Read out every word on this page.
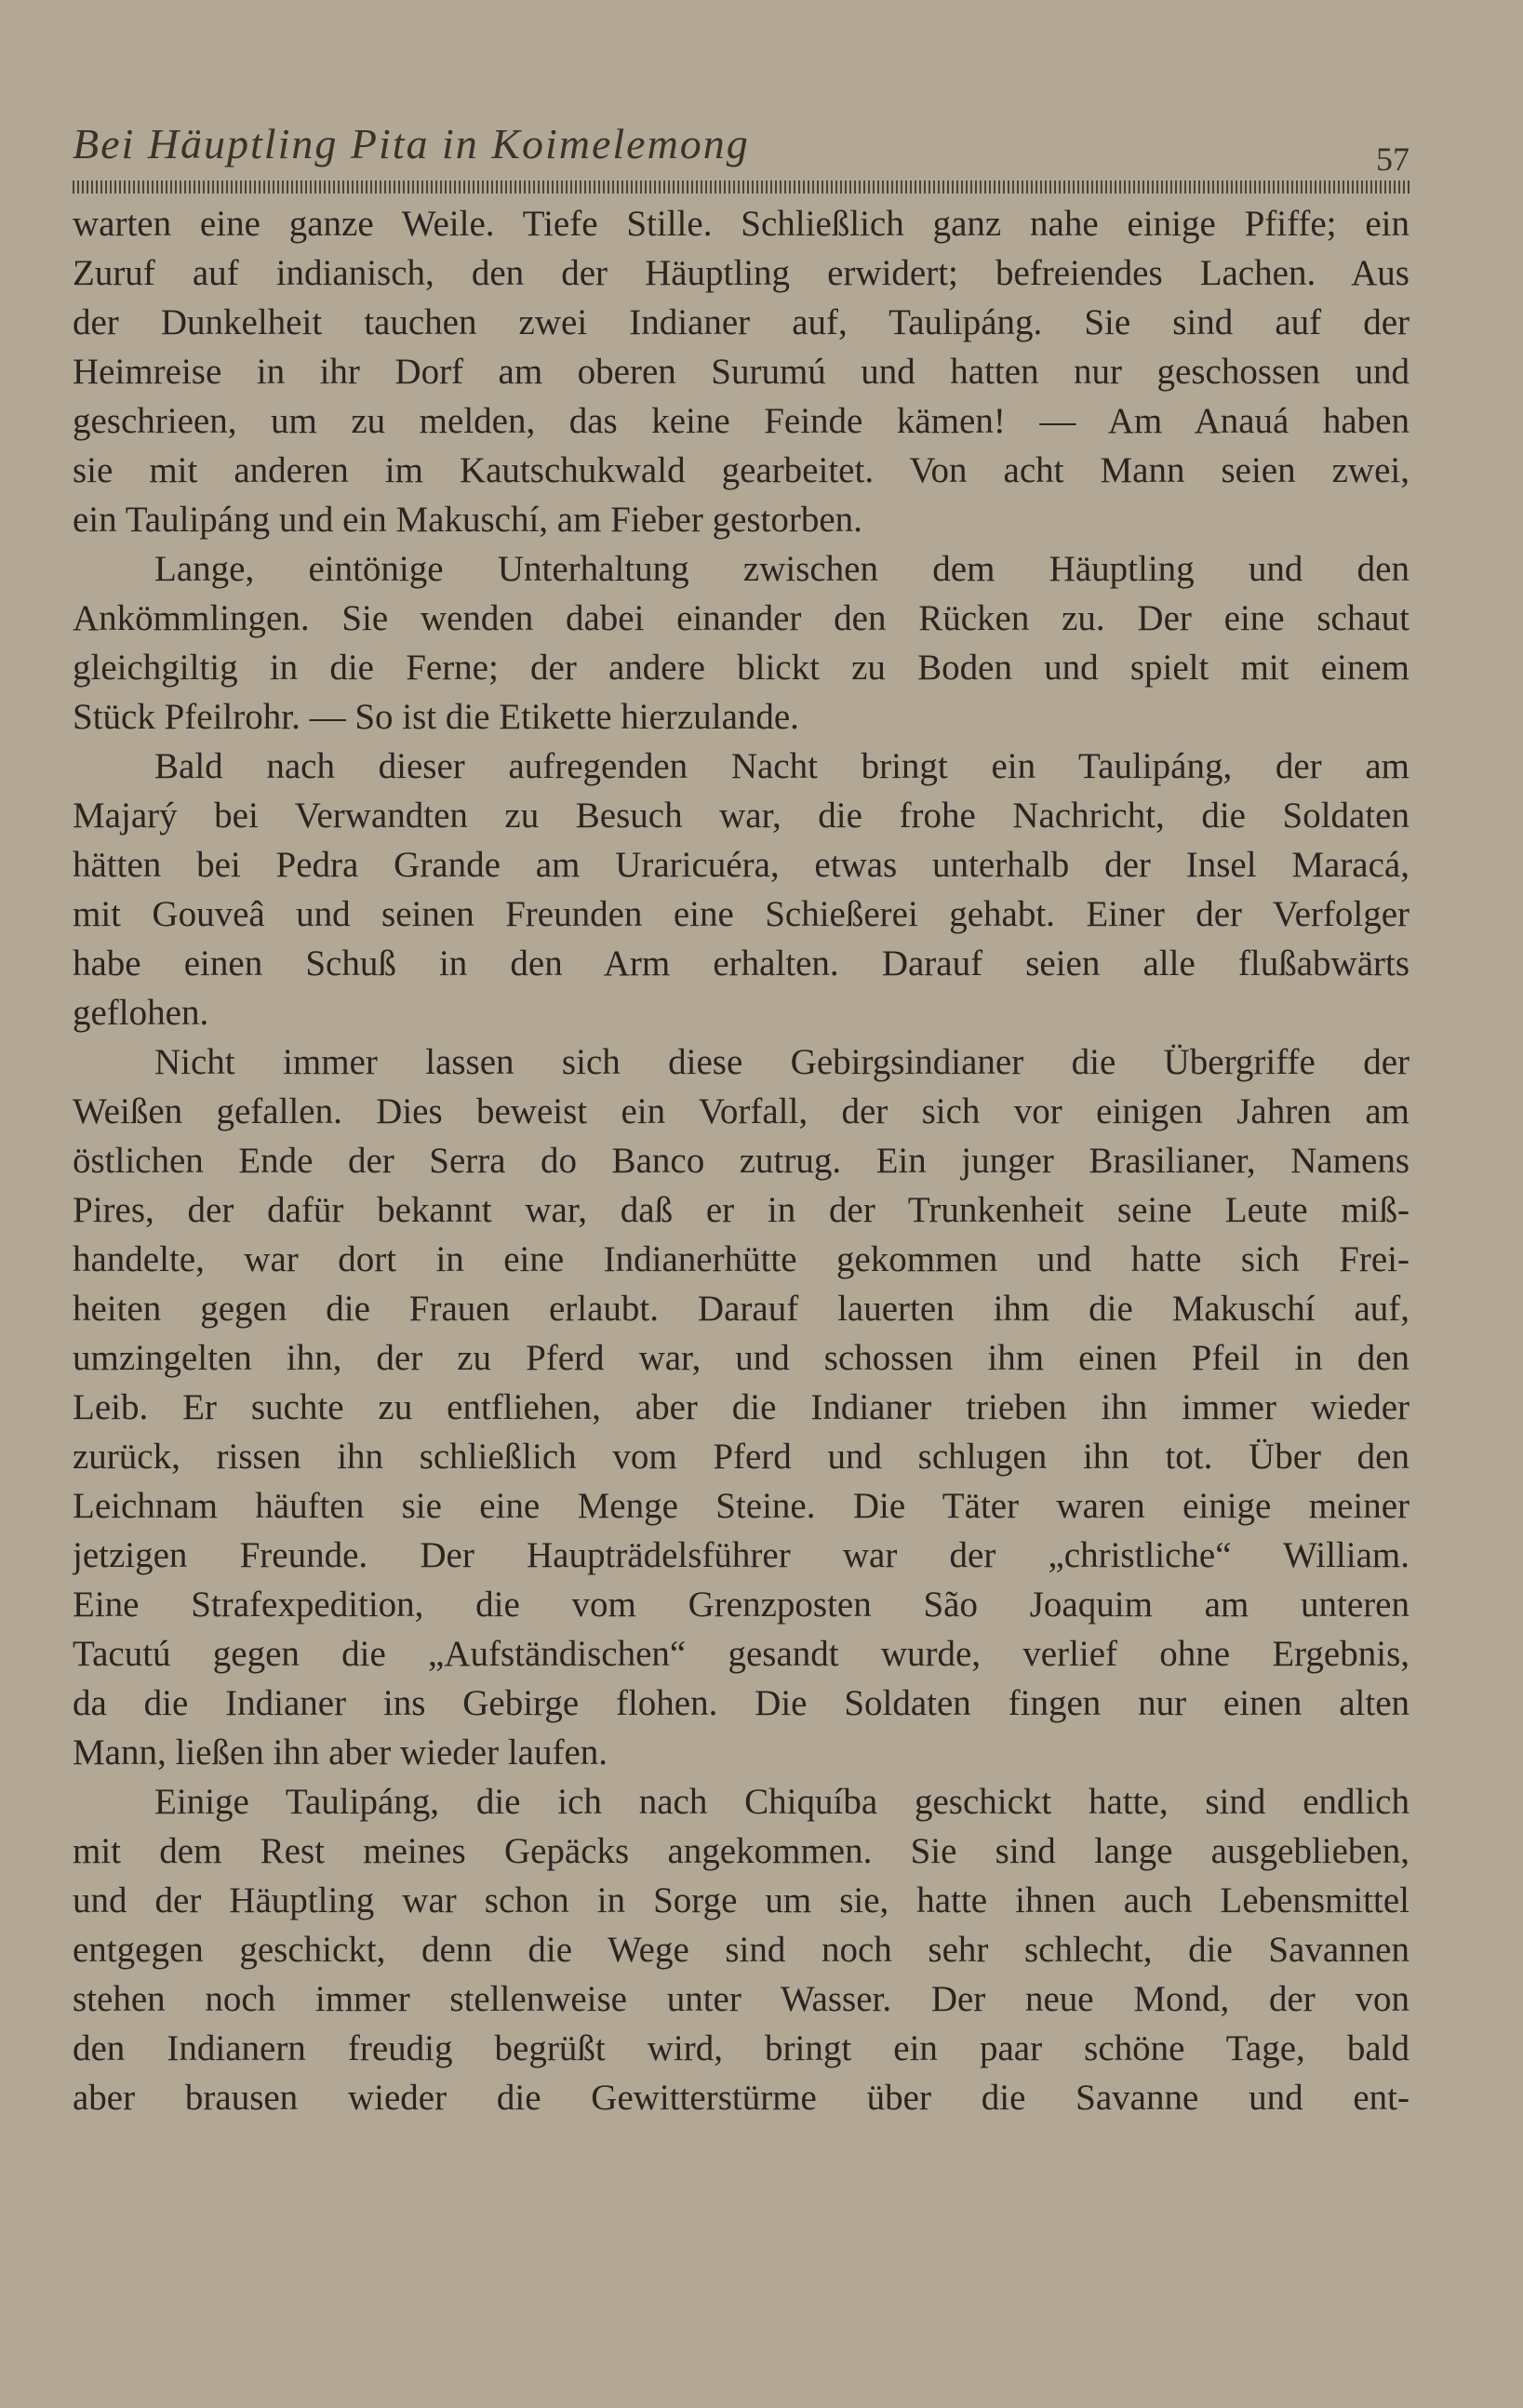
Bei Häuptling Pita in Koimelemong	57
warten eine ganze Weile. Tiefe Stille. Schließlich ganz nahe einige Pfiffe; ein
Zuruf auf indianisch, den der Häuptling erwidert; befreiendes Lachen. Aus
der Dunkelheit tauchen zwei Indianer auf, Taulipáng. Sie sind auf der
Heimreise in ihr Dorf am oberen Surumú und hatten nur geschossen und
geschrieen, um zu melden, das keine Feinde kämen! — Am Anauá haben
sie mit anderen im Kautschukwald gearbeitet. Von acht Mann seien zwei,
ein Taulipáng und ein Makuschí, am Fieber gestorben.
Lange, eintönige Unterhaltung zwischen dem Häuptling und den
Ankömmlingen. Sie wenden dabei einander den Rücken zu. Der eine schaut
gleichgiltig in die Ferne; der andere blickt zu Boden und spielt mit einem
Stück Pfeilrohr. — So ist die Etikette hierzulande.
Bald nach dieser aufregenden Nacht bringt ein Taulipáng, der am
Majarý bei Verwandten zu Besuch war, die frohe Nachricht, die Soldaten
hätten bei Pedra Grande am Uraricuéra, etwas unterhalb der Insel Maracá,
mit Gouveâ und seinen Freunden eine Schießerei gehabt. Einer der Verfolger
habe einen Schuß in den Arm erhalten. Darauf seien alle flußabwärts
geflohen.
Nicht immer lassen sich diese Gebirgsindianer die Übergriffe der
Weißen gefallen. Dies beweist ein Vorfall, der sich vor einigen Jahren am
östlichen Ende der Serra do Banco zutrug. Ein junger Brasilianer, Namens
Pires, der dafür bekannt war, daß er in der Trunkenheit seine Leute miß-
handelte, war dort in eine Indianerhütte gekommen und hatte sich Frei-
heiten gegen die Frauen erlaubt. Darauf lauerten ihm die Makuschí auf,
umzingelten ihn, der zu Pferd war, und schossen ihm einen Pfeil in den
Leib. Er suchte zu entfliehen, aber die Indianer trieben ihn immer wieder
zurück, rissen ihn schließlich vom Pferd und schlugen ihn tot. Über den
Leichnam häuften sie eine Menge Steine. Die Täter waren einige meiner
jetzigen Freunde. Der Haupträdelsführer war der „christliche“ William.
Eine Strafexpedition, die vom Grenzposten São Joaquim am unteren
Tacutú gegen die „Aufständischen“ gesandt wurde, verlief ohne Ergebnis,
da die Indianer ins Gebirge flohen. Die Soldaten fingen nur einen alten
Mann, ließen ihn aber wieder laufen.
Einige Taulipáng, die ich nach Chiquíba geschickt hatte, sind endlich
mit dem Rest meines Gepäcks angekommen. Sie sind lange ausgeblieben,
und der Häuptling war schon in Sorge um sie, hatte ihnen auch Lebensmittel
entgegen geschickt, denn die Wege sind noch sehr schlecht, die Savannen
stehen noch immer stellenweise unter Wasser. Der neue Mond, der von
den Indianern freudig begrüßt wird, bringt ein paar schöne Tage, bald
aber brausen wieder die Gewitterstürme über die Savanne und ent-
